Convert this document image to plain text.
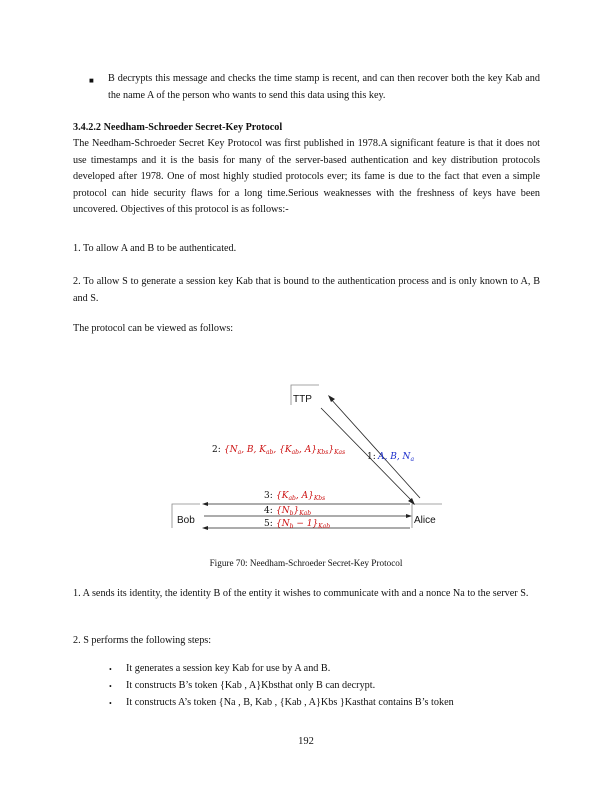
■ B decrypts this message and checks the time stamp is recent, and can then recover both the key Kab and the name A of the person who wants to send this data using this key.
3.4.2.2 Needham-Schroeder Secret-Key Protocol
The Needham-Schroeder Secret Key Protocol was first published in 1978.A significant feature is that it does not use timestamps and it is the basis for many of the server-based authentication and key distribution protocols developed after 1978. One of most highly studied protocols ever; its fame is due to the fact that even a simple protocol can hide security flaws for a long time.Serious weaknesses with the freshness of keys have been uncovered. Objectives of this protocol is as follows:-
1. To allow A and B to be authenticated.
2. To allow S to generate a session key Kab that is bound to the authentication process and is only known to A, B and S.
The protocol can be viewed as follows:
TTP
Bob	Alice
1: A, B, $N_a$
2: {$N_a$, B, $K_{ab}$, {$K_{ab}$, $A\}_{Kbs}\}_{Kas}$
3: {$K_{ab}$, $A\}_{Kbs}$
4: $\{N_b\}_{Kab}$
5: $\{N_b - 1\}_{Kab}$
Figure 70: Needham-Schroeder Secret-Key Protocol
1. A sends its identity, the identity B of the entity it wishes to communicate with and a nonce Na to the server S.
2. S performs the following steps:
• It generates a session key Kab for use by A and B.
• It constructs B’s token {Kab , A}Kbsthat only B can decrypt.
• It constructs A’s token {Na , B, Kab , {Kab , A}Kbs }Kasthat contains B’s token
192
